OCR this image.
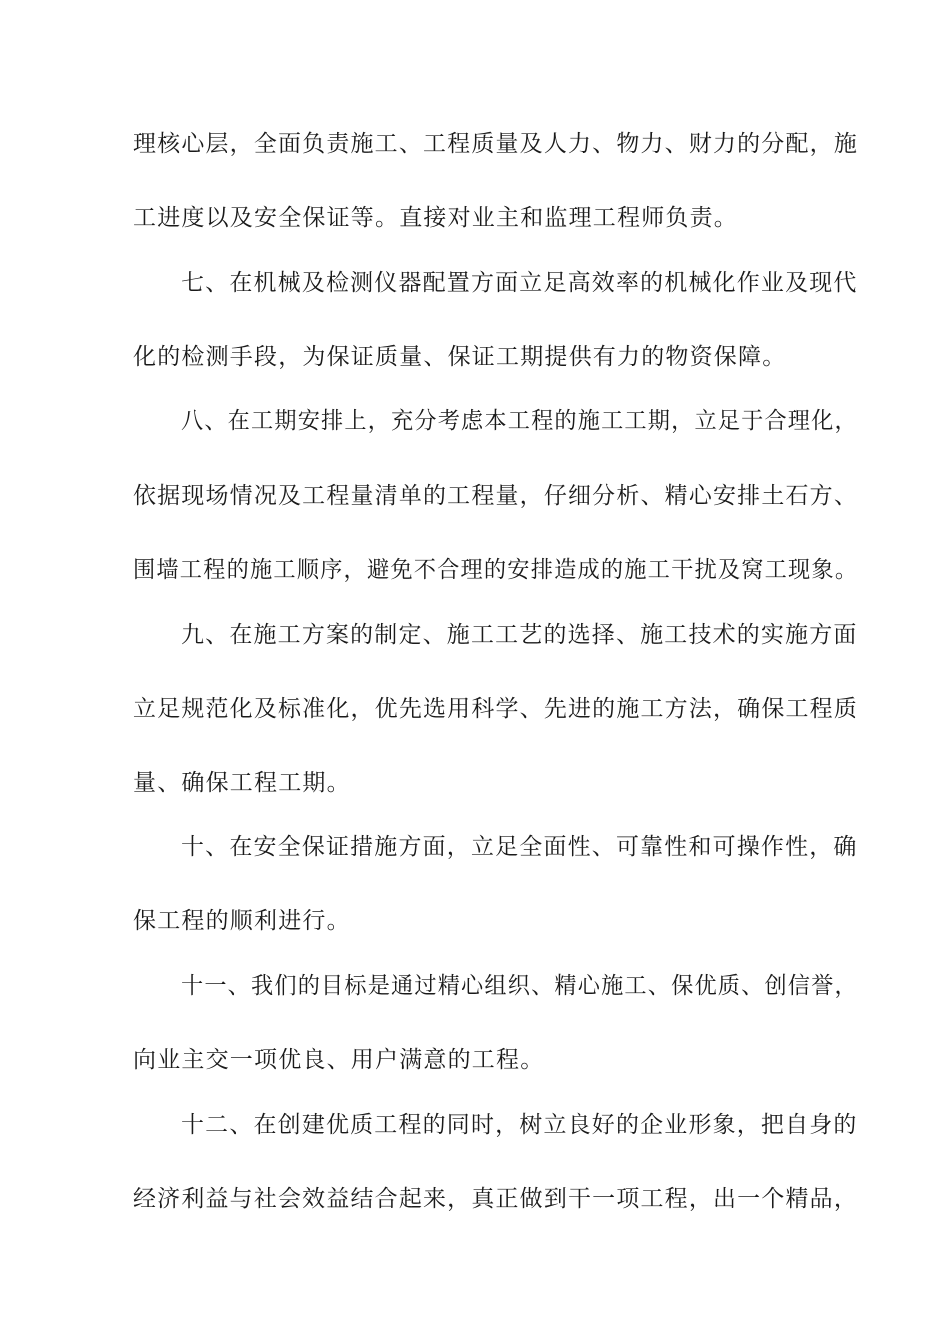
理核心层，全面负责施工、工程质量及人力、物力、财力的分配，施
工进度以及安全保证等。直接对业主和监理工程师负责。
七、在机械及检测仪器配置方面立足高效率的机械化作业及现代
化的检测手段，为保证质量、保证工期提供有力的物资保障。
八、在工期安排上，充分考虑本工程的施工工期，立足于合理化，
依据现场情况及工程量清单的工程量，仔细分析、精心安排土石方、
围墙工程的施工顺序，避免不合理的安排造成的施工干扰及窝工现象。
九、在施工方案的制定、施工工艺的选择、施工技术的实施方面
立足规范化及标准化，优先选用科学、先进的施工方法，确保工程质
量、确保工程工期。
十、在安全保证措施方面，立足全面性、可靠性和可操作性，确
保工程的顺利进行。
十一、我们的目标是通过精心组织、精心施工、保优质、创信誉，
向业主交一项优良、用户满意的工程。
十二、在创建优质工程的同时，树立良好的企业形象，把自身的
经济利益与社会效益结合起来，真正做到干一项工程，出一个精品，
